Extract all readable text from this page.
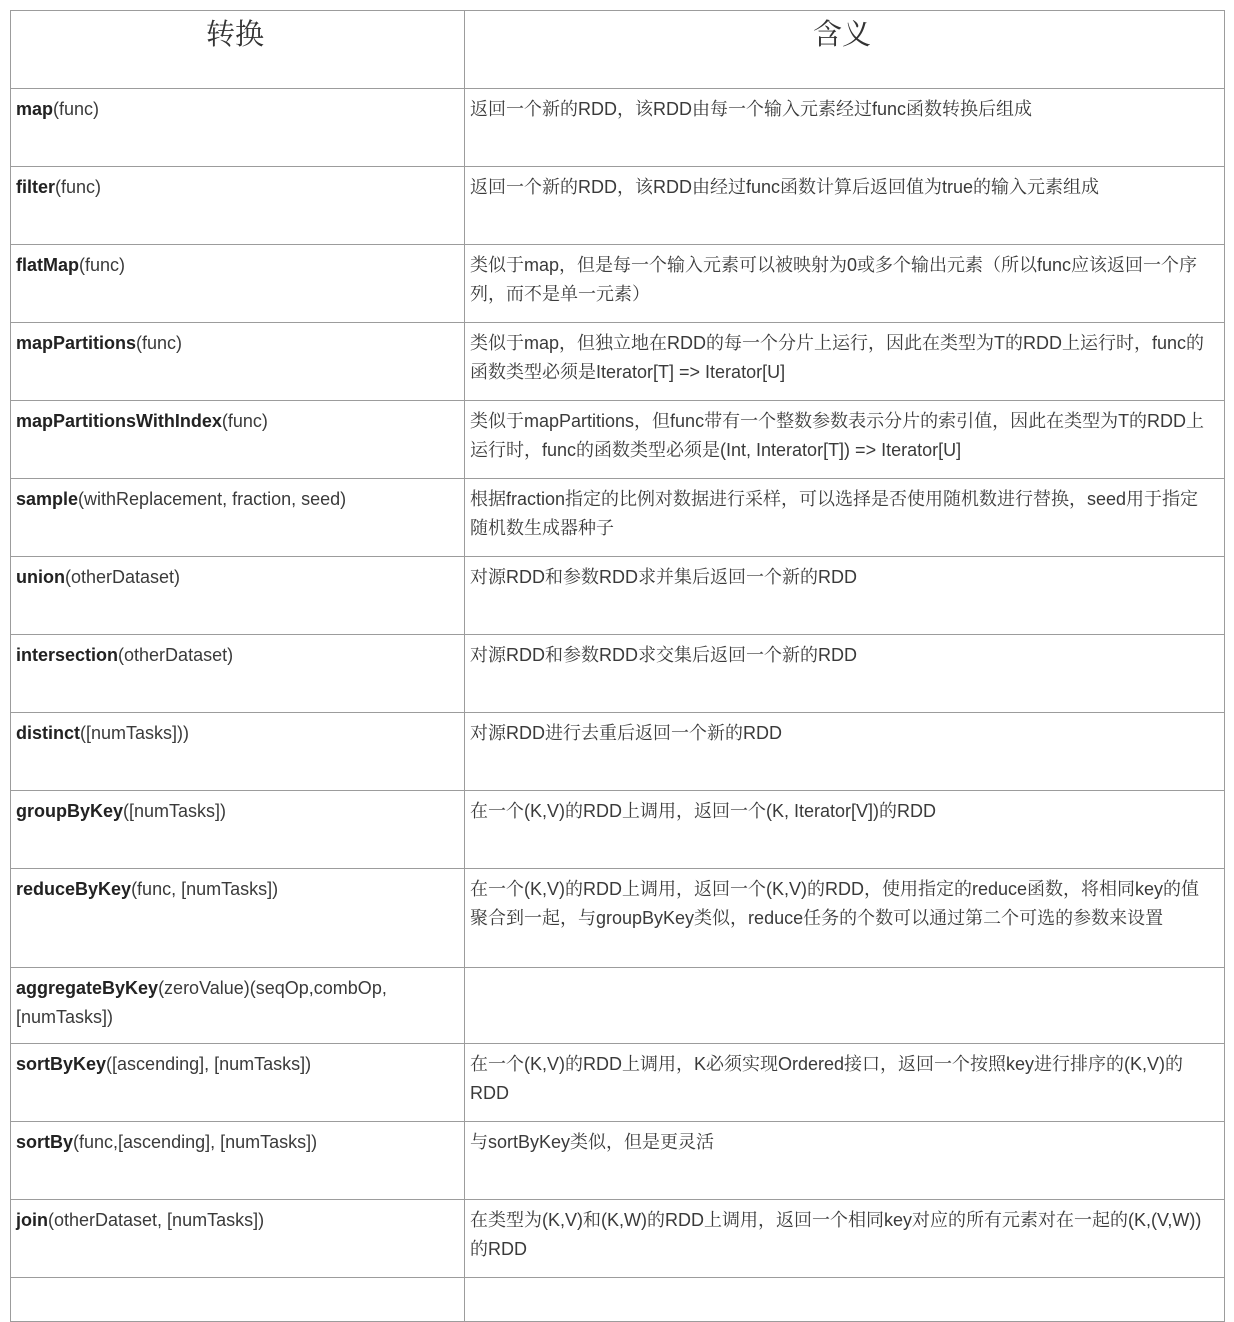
转换	含义
map(func)	返回一个新的RDD，该RDD由每一个输入元素经过func函数转换后组成
filter(func)	返回一个新的RDD，该RDD由经过func函数计算后返回值为true的输入元素组成
flatMap(func)	类似于map，但是每一个输入元素可以被映射为0或多个输出元素（所以func应该返回一个序列，而不是单一元素）
mapPartitions(func)	类似于map，但独立地在RDD的每一个分片上运行，因此在类型为T的RDD上运行时，func的函数类型必须是Iterator[T] => Iterator[U]
mapPartitionsWithIndex(func)	类似于mapPartitions，但func带有一个整数参数表示分片的索引值，因此在类型为T的RDD上运行时，func的函数类型必须是(Int, Interator[T]) => Iterator[U]
sample(withReplacement, fraction, seed)	根据fraction指定的比例对数据进行采样，可以选择是否使用随机数进行替换，seed用于指定随机数生成器种子
union(otherDataset)	对源RDD和参数RDD求并集后返回一个新的RDD
intersection(otherDataset)	对源RDD和参数RDD求交集后返回一个新的RDD
distinct([numTasks]))	对源RDD进行去重后返回一个新的RDD
groupByKey([numTasks])	在一个(K,V)的RDD上调用，返回一个(K, Iterator[V])的RDD
reduceByKey(func, [numTasks])	在一个(K,V)的RDD上调用，返回一个(K,V)的RDD，使用指定的reduce函数，将相同key的值聚合到一起，与groupByKey类似，reduce任务的个数可以通过第二个可选的参数来设置
aggregateByKey(zeroValue)(seqOp,combOp, [numTasks])	
sortByKey([ascending], [numTasks])	在一个(K,V)的RDD上调用，K必须实现Ordered接口，返回一个按照key进行排序的(K,V)的RDD
sortBy(func,[ascending], [numTasks])	与sortByKey类似，但是更灵活
join(otherDataset, [numTasks])	在类型为(K,V)和(K,W)的RDD上调用，返回一个相同key对应的所有元素对在一起的(K,(V,W))的RDD
